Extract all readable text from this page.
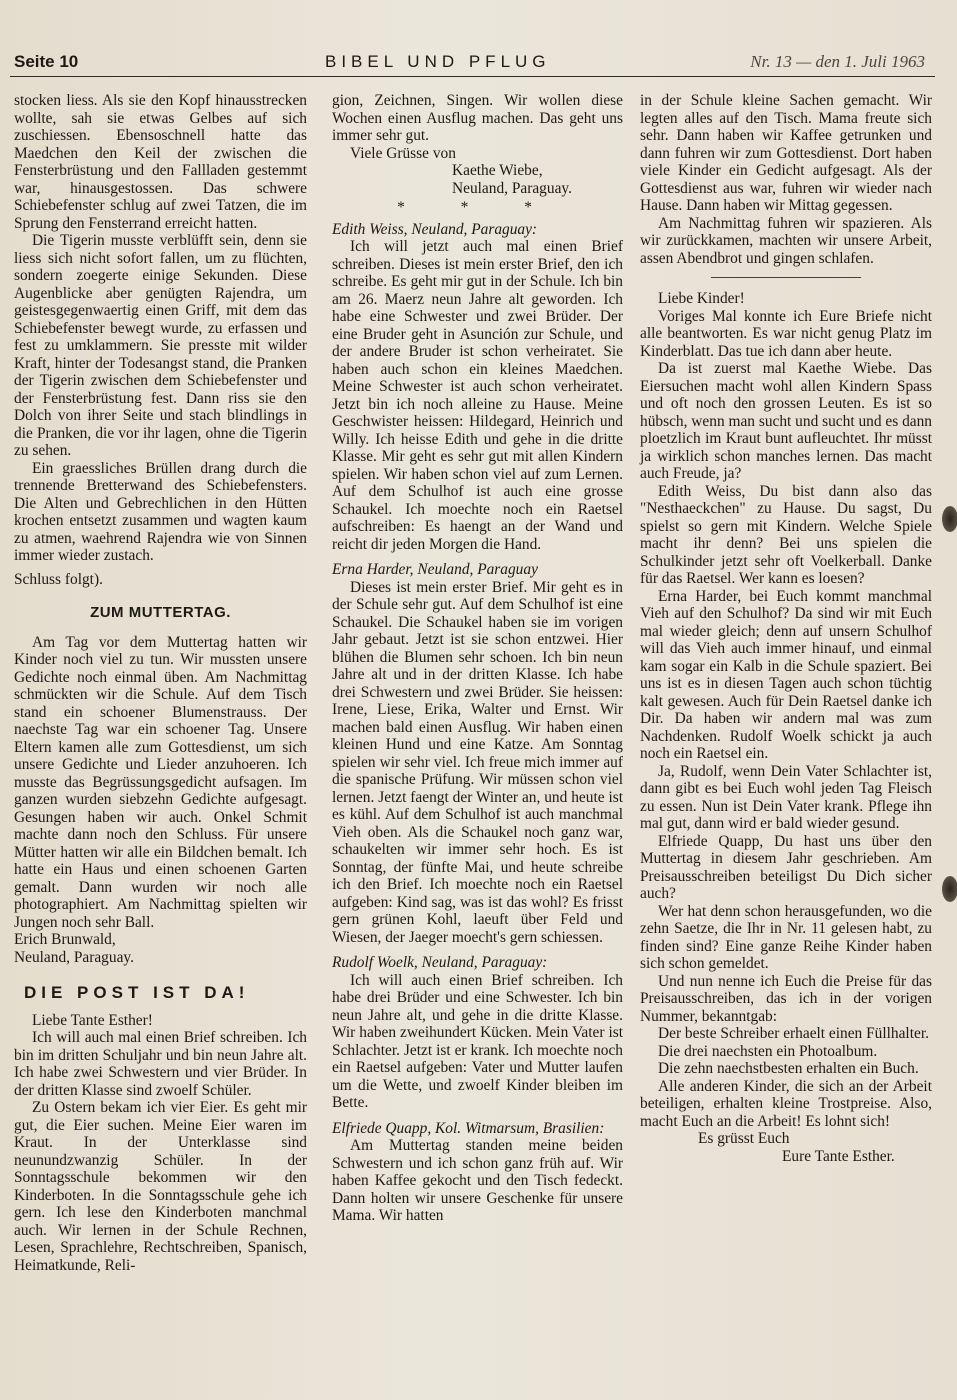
Seite 10	BIBEL UND PFLUG	Nr. 13 — den 1. Juli 1963

stocken liess. Als sie den Kopf hinausstrecken wollte, sah sie etwas Gelbes auf sich zuschiessen. Ebensoschnell hatte das Maedchen den Keil der zwischen die Fensterbrüstung und den Fallladen gestemmt war, hinausgestossen. Das schwere Schiebefenster schlug auf zwei Tatzen, die im Sprung den Fensterrand erreicht hatten.

Die Tigerin musste verblüfft sein, denn sie liess sich nicht sofort fallen, um zu flüchten, sondern zoegerte einige Sekunden. Diese Augenblicke aber genügten Rajendra, um geistesgegenwaertig einen Griff, mit dem das Schiebefenster bewegt wurde, zu erfassen und fest zu umklammern. Sie presste mit wilder Kraft, hinter der Todesangst stand, die Pranken der Tigerin zwischen dem Schiebefenster und der Fensterbrüstung fest. Dann riss sie den Dolch von ihrer Seite und stach blindlings in die Pranken, die vor ihr lagen, ohne die Tigerin zu sehen.

Ein graessliches Brüllen drang durch die trennende Bretterwand des Schiebefensters. Die Alten und Gebrechlichen in den Hütten krochen entsetzt zusammen und wagten kaum zu atmen, waehrend Rajendra wie von Sinnen immer wieder zustach.

Schluss folgt).

ZUM MUTTERTAG.

Am Tag vor dem Muttertag hatten wir Kinder noch viel zu tun. Wir mussten unsere Gedichte noch einmal üben. Am Nachmittag schmückten wir die Schule. Auf dem Tisch stand ein schoener Blumenstrauss. Der naechste Tag war ein schoener Tag. Unsere Eltern kamen alle zum Gottesdienst, um sich unsere Gedichte und Lieder anzuhoeren. Ich musste das Begrüssungsgedicht aufsagen. Im ganzen wurden siebzehn Gedichte aufgesagt. Gesungen haben wir auch. Onkel Schmit machte dann noch den Schluss. Für unsere Mütter hatten wir alle ein Bildchen bemalt. Ich hatte ein Haus und einen schoenen Garten gemalt. Dann wurden wir noch alle photographiert. Am Nachmittag spielten wir Jungen noch sehr Ball.

Erich Brunwald,

Neuland, Paraguay.

DIE POST IST DA!

Liebe Tante Esther!

Ich will auch mal einen Brief schreiben. Ich bin im dritten Schuljahr und bin neun Jahre alt. Ich habe zwei Schwestern und vier Brüder. In der dritten Klasse sind zwoelf Schüler.

Zu Ostern bekam ich vier Eier. Es geht mir gut, die Eier suchen. Meine Eier waren im Kraut. In der Unterklasse sind neunundzwanzig Schüler. In der Sonntagsschule bekommen wir den Kinderboten. In die Sonntagsschule gehe ich gern. Ich lese den Kinderboten manchmal auch. Wir lernen in der Schule Rechnen, Lesen, Sprachlehre, Rechtschreiben, Spanisch, Heimatkunde, Reli-

gion, Zeichnen, Singen. Wir wollen diese Wochen einen Ausflug machen. Das geht uns immer sehr gut.

Viele Grüsse von

Kaethe Wiebe,

Neuland, Paraguay.

* * *

Edith Weiss, Neuland, Paraguay:

Ich will jetzt auch mal einen Brief schreiben. Dieses ist mein erster Brief, den ich schreibe. Es geht mir gut in der Schule. Ich bin am 26. Maerz neun Jahre alt geworden. Ich habe eine Schwester und zwei Brüder. Der eine Bruder geht in Asunción zur Schule, und der andere Bruder ist schon verheiratet. Sie haben auch schon ein kleines Maedchen. Meine Schwester ist auch schon verheiratet. Jetzt bin ich noch alleine zu Hause. Meine Geschwister heissen: Hildegard, Heinrich und Willy. Ich heisse Edith und gehe in die dritte Klasse. Mir geht es sehr gut mit allen Kindern spielen. Wir haben schon viel auf zum Lernen. Auf dem Schulhof ist auch eine grosse Schaukel. Ich moechte noch ein Raetsel aufschreiben: Es haengt an der Wand und reicht dir jeden Morgen die Hand.

Erna Harder, Neuland, Paraguay

Dieses ist mein erster Brief. Mir geht es in der Schule sehr gut. Auf dem Schulhof ist eine Schaukel. Die Schaukel haben sie im vorigen Jahr gebaut. Jetzt ist sie schon entzwei. Hier blühen die Blumen sehr schoen. Ich bin neun Jahre alt und in der dritten Klasse. Ich habe drei Schwestern und zwei Brüder. Sie heissen: Irene, Liese, Erika, Walter und Ernst. Wir machen bald einen Ausflug. Wir haben einen kleinen Hund und eine Katze. Am Sonntag spielen wir sehr viel. Ich freue mich immer auf die spanische Prüfung. Wir müssen schon viel lernen. Jetzt faengt der Winter an, und heute ist es kühl. Auf dem Schulhof ist auch manchmal Vieh oben. Als die Schaukel noch ganz war, schaukelten wir immer sehr hoch. Es ist Sonntag, der fünfte Mai, und heute schreibe ich den Brief. Ich moechte noch ein Raetsel aufgeben: Kind sag, was ist das wohl? Es frisst gern grünen Kohl, laeuft über Feld und Wiesen, der Jaeger moecht's gern schiessen.

Rudolf Woelk, Neuland, Paraguay:

Ich will auch einen Brief schreiben. Ich habe drei Brüder und eine Schwester. Ich bin neun Jahre alt, und gehe in die dritte Klasse. Wir haben zweihundert Kücken. Mein Vater ist Schlachter. Jetzt ist er krank. Ich moechte noch ein Raetsel aufgeben: Vater und Mutter laufen um die Wette, und zwoelf Kinder bleiben im Bette.

Elfriede Quapp, Kol. Witmarsum, Brasilien:

Am Muttertag standen meine beiden Schwestern und ich schon ganz früh auf. Wir haben Kaffee gekocht und den Tisch fedeckt. Dann holten wir unsere Geschenke für unsere Mama. Wir hatten

in der Schule kleine Sachen gemacht. Wir legten alles auf den Tisch. Mama freute sich sehr. Dann haben wir Kaffee getrunken und dann fuhren wir zum Gottesdienst. Dort haben viele Kinder ein Gedicht aufgesagt. Als der Gottesdienst aus war, fuhren wir wieder nach Hause. Dann haben wir Mittag gegessen.

Am Nachmittag fuhren wir spazieren. Als wir zurückkamen, machten wir unsere Arbeit, assen Abendbrot und gingen schlafen.

Liebe Kinder!

Voriges Mal konnte ich Eure Briefe nicht alle beantworten. Es war nicht genug Platz im Kinderblatt. Das tue ich dann aber heute.

Da ist zuerst mal Kaethe Wiebe. Das Eiersuchen macht wohl allen Kindern Spass und oft noch den grossen Leuten. Es ist so hübsch, wenn man sucht und sucht und es dann ploetzlich im Kraut bunt aufleuchtet. Ihr müsst ja wirklich schon manches lernen. Das macht auch Freude, ja?

Edith Weiss, Du bist dann also das "Nesthaeckchen" zu Hause. Du sagst, Du spielst so gern mit Kindern. Welche Spiele macht ihr denn? Bei uns spielen die Schulkinder jetzt sehr oft Voelkerball. Danke für das Raetsel. Wer kann es loesen?

Erna Harder, bei Euch kommt manchmal Vieh auf den Schulhof? Da sind wir mit Euch mal wieder gleich; denn auf unsern Schulhof will das Vieh auch immer hinauf, und einmal kam sogar ein Kalb in die Schule spaziert. Bei uns ist es in diesen Tagen auch schon tüchtig kalt gewesen. Auch für Dein Raetsel danke ich Dir. Da haben wir andern mal was zum Nachdenken. Rudolf Woelk schickt ja auch noch ein Raetsel ein.

Ja, Rudolf, wenn Dein Vater Schlachter ist, dann gibt es bei Euch wohl jeden Tag Fleisch zu essen. Nun ist Dein Vater krank. Pflege ihn mal gut, dann wird er bald wieder gesund.

Elfriede Quapp, Du hast uns über den Muttertag in diesem Jahr geschrieben. Am Preisausschreiben beteiligst Du Dich sicher auch?

Wer hat denn schon herausgefunden, wo die zehn Saetze, die Ihr in Nr. 11 gelesen habt, zu finden sind? Eine ganze Reihe Kinder haben sich schon gemeldet.

Und nun nenne ich Euch die Preise für das Preisausschreiben, das ich in der vorigen Nummer, bekanntgab:

Der beste Schreiber erhaelt einen Füllhalter.

Die drei naechsten ein Photoalbum.

Die zehn naechstbesten erhalten ein Buch.

Alle anderen Kinder, die sich an der Arbeit beteiligen, erhalten kleine Trostpreise. Also, macht Euch an die Arbeit! Es lohnt sich!

Es grüsst Euch

Eure Tante Esther.
